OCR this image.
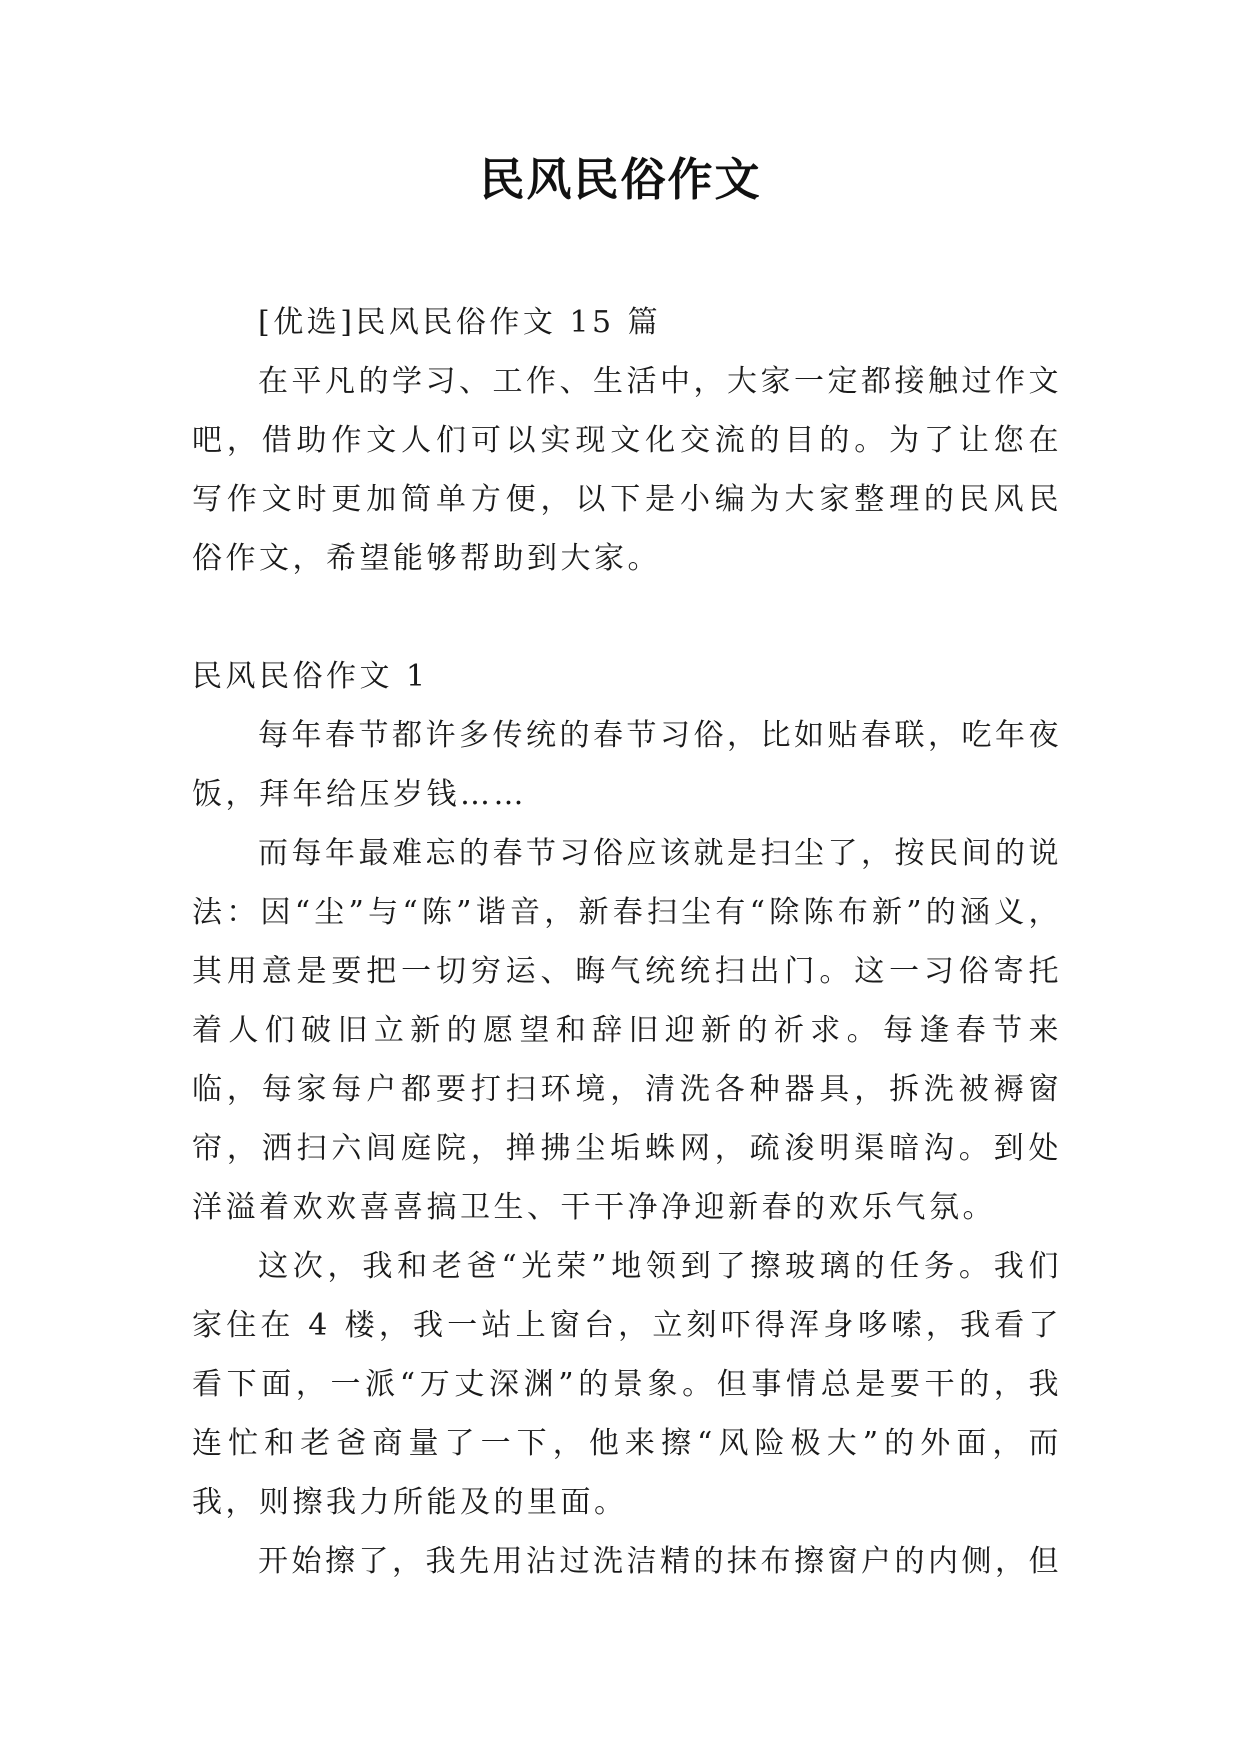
民风民俗作文

[优选]民风民俗作文 15 篇

在平凡的学习、工作、生活中，大家一定都接触过作文吧，借助作文人们可以实现文化交流的目的。为了让您在写作文时更加简单方便，以下是小编为大家整理的民风民俗作文，希望能够帮助到大家。

民风民俗作文 1

每年春节都许多传统的春节习俗，比如贴春联，吃年夜饭，拜年给压岁钱……

而每年最难忘的春节习俗应该就是扫尘了，按民间的说法：因“尘”与“陈”谐音，新春扫尘有“除陈布新”的涵义，其用意是要把一切穷运、晦气统统扫出门。这一习俗寄托着人们破旧立新的愿望和辞旧迎新的祈求。每逢春节来临，每家每户都要打扫环境，清洗各种器具，拆洗被褥窗帘，洒扫六闾庭院，掸拂尘垢蛛网，疏浚明渠暗沟。到处洋溢着欢欢喜喜搞卫生、干干净净迎新春的欢乐气氛。

这次，我和老爸“光荣”地领到了擦玻璃的任务。我们家住在 4 楼，我一站上窗台，立刻吓得浑身哆嗦，我看了看下面，一派“万丈深渊”的景象。但事情总是要干的，我连忙和老爸商量了一下，他来擦“风险极大”的外面，而我，则擦我力所能及的里面。

开始擦了，我先用沾过洗洁精的抹布擦窗户的内侧，但
